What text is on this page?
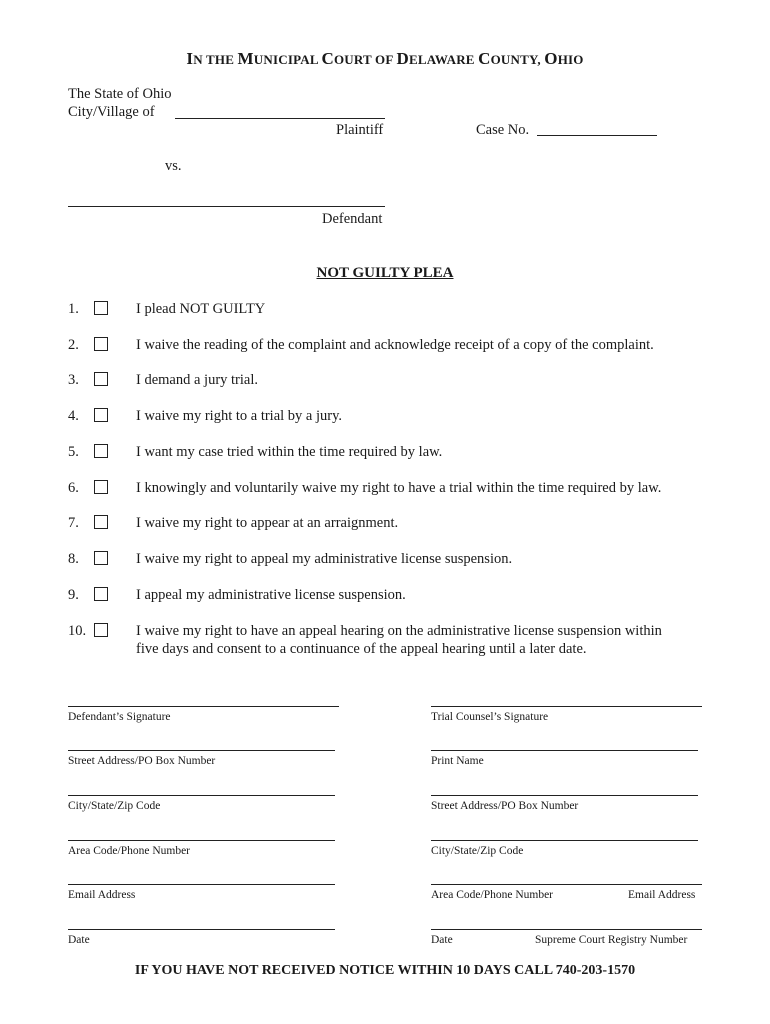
IN THE MUNICIPAL COURT OF DELAWARE COUNTY, OHIO
The State of Ohio
City/Village of
Plaintiff	Case No.
vs.
Defendant
NOT GUILTY PLEA
1.	I plead NOT GUILTY
2.	I waive the reading of the complaint and acknowledge receipt of a copy of the complaint.
3.	I demand a jury trial.
4.	I waive my right to a trial by a jury.
5.	I want my case tried within the time required by law.
6.	I knowingly and voluntarily waive my right to have a trial within the time required by law.
7.	I waive my right to appear at an arraignment.
8.	I waive my right to appeal my administrative license suspension.
9.	I appeal my administrative license suspension.
10.	I waive my right to have an appeal hearing on the administrative license suspension within
five days and consent to a continuance of the appeal hearing until a later date.
Defendant’s Signature
Street Address/PO Box Number
City/State/Zip Code
Area Code/Phone Number
Email Address
Date
Trial Counsel’s Signature
Print Name
Street Address/PO Box Number
City/State/Zip Code
Area Code/Phone Number	Email Address
Date	Supreme Court Registry Number
IF YOU HAVE NOT RECEIVED NOTICE WITHIN 10 DAYS CALL 740-203-1570
